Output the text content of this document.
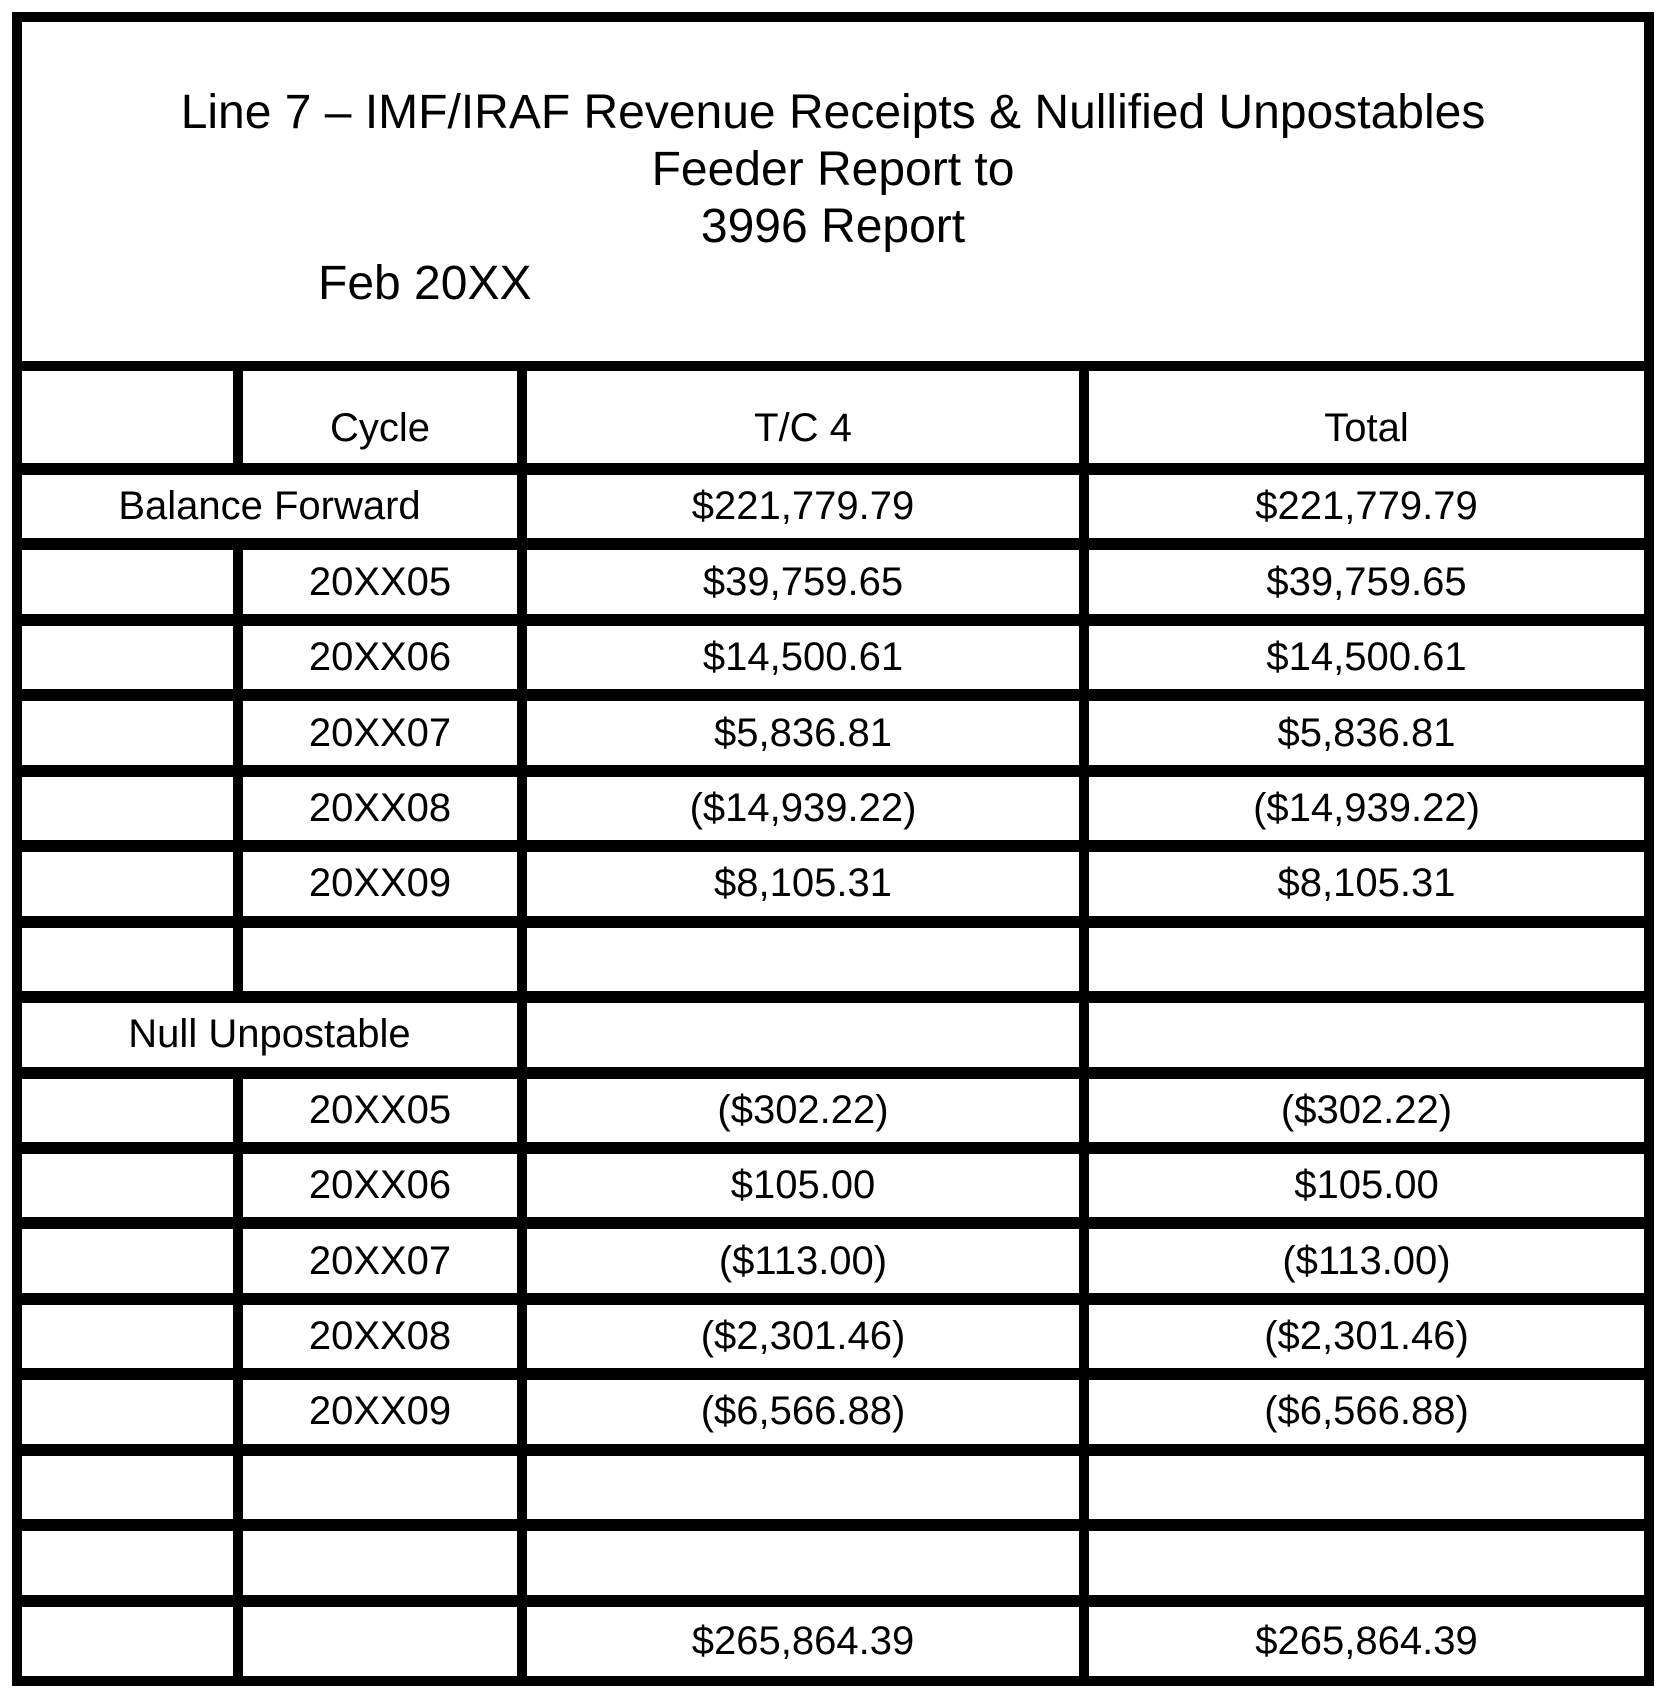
Line 7 – IMF/IRAF Revenue Receipts & Nullified Unpostables
Feeder Report to
3996 Report
Feb 20XX
	Cycle	T/C 4	Total
Balance Forward		$221,779.79	$221,779.79
	20XX05	$39,759.65	$39,759.65
	20XX06	$14,500.61	$14,500.61
	20XX07	$5,836.81	$5,836.81
	20XX08	($14,939.22)	($14,939.22)
	20XX09	$8,105.31	$8,105.31

Null Unpostable			
	20XX05	($302.22)	($302.22)
	20XX06	$105.00	$105.00
	20XX07	($113.00)	($113.00)
	20XX08	($2,301.46)	($2,301.46)
	20XX09	($6,566.88)	($6,566.88)

		$265,864.39	$265,864.39
